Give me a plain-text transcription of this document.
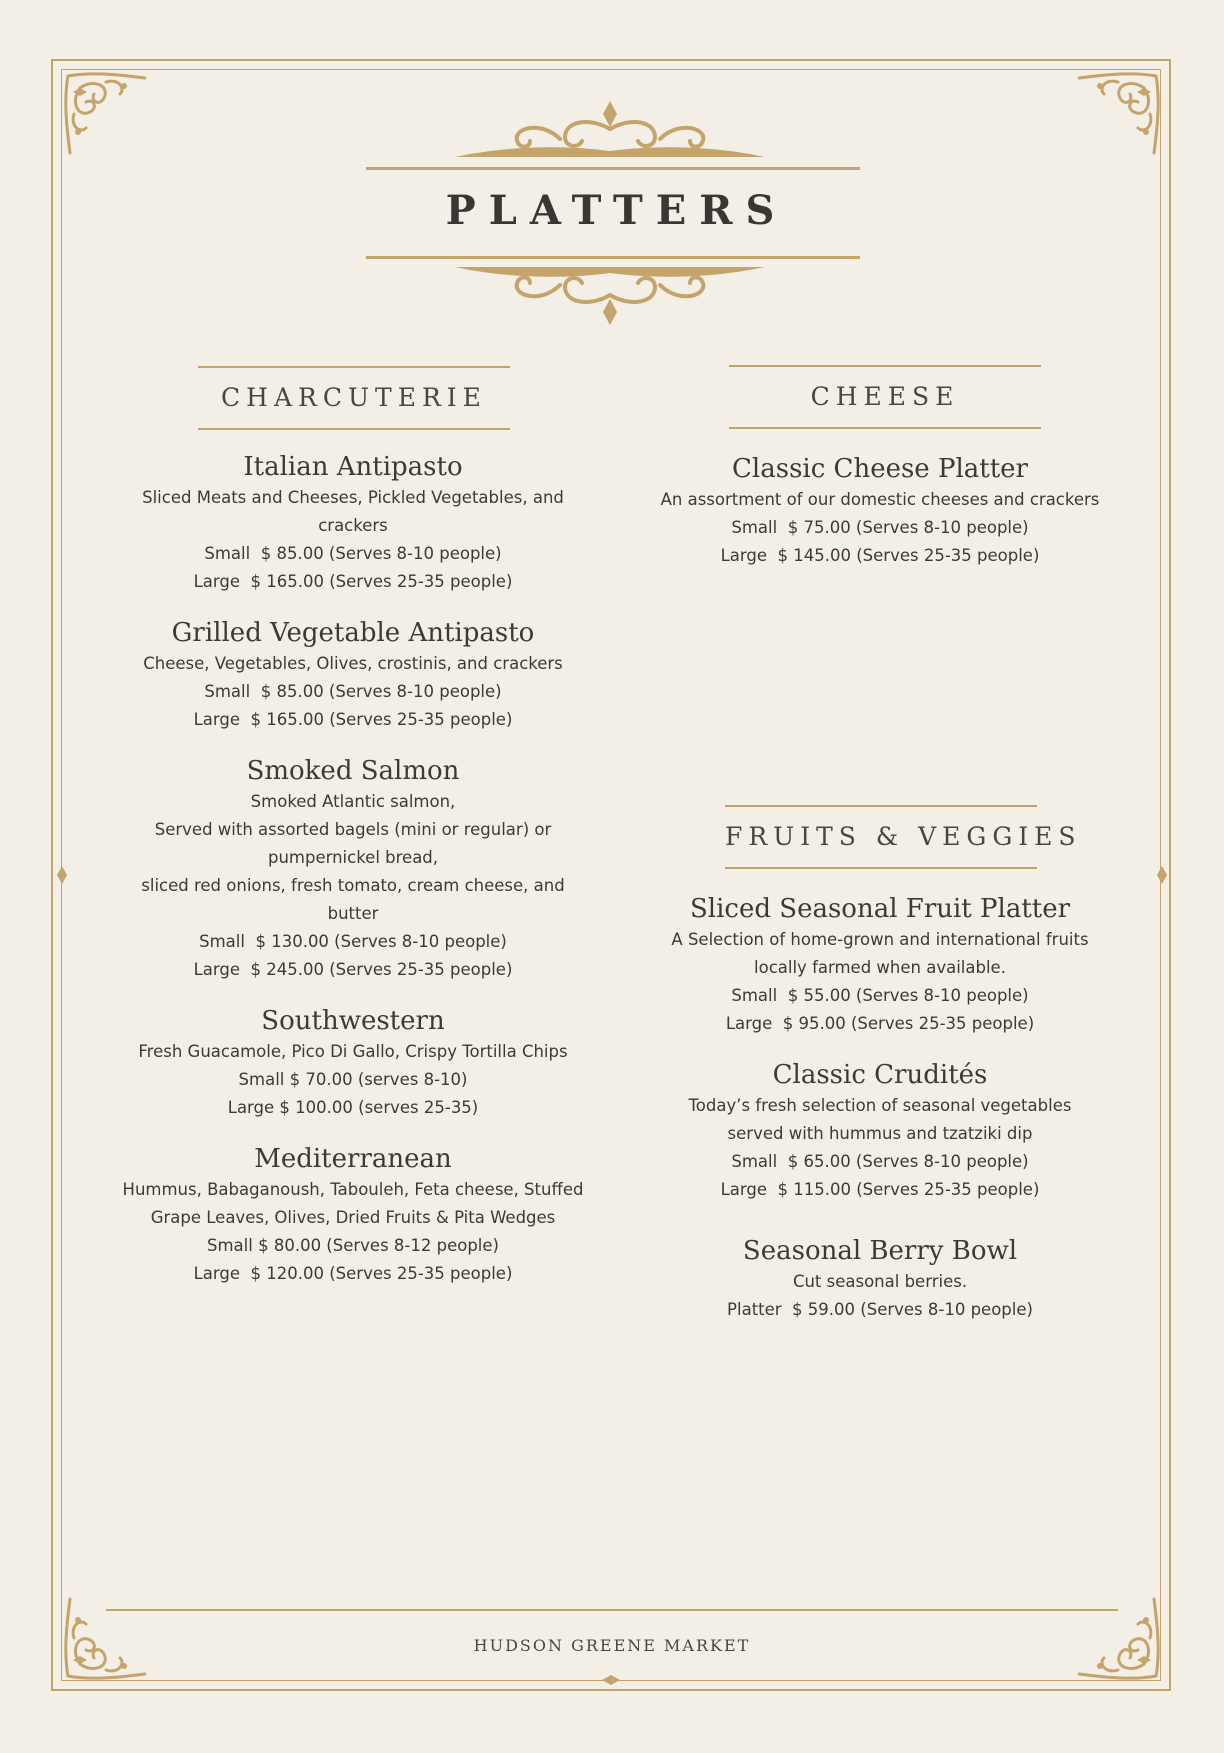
PLATTERS
CHARCUTERIE	CHEESE
FRUITS & VEGGIES
Italian Antipasto
Sliced Meats and Cheeses, Pickled Vegetables, and
crackers
Small  $ 85.00 (Serves 8-10 people)
Large  $ 165.00 (Serves 25-35 people)
Grilled Vegetable Antipasto
Cheese, Vegetables, Olives, crostinis, and crackers
Small  $ 85.00 (Serves 8-10 people)
Large  $ 165.00 (Serves 25-35 people)
Smoked Salmon
Smoked Atlantic salmon,
Served with assorted bagels (mini or regular) or
pumpernickel bread,
sliced red onions, fresh tomato, cream cheese, and
butter
Small  $ 130.00 (Serves 8-10 people)
Large  $ 245.00 (Serves 25-35 people)
Southwestern
Fresh Guacamole, Pico Di Gallo, Crispy Tortilla Chips
Small $ 70.00 (serves 8-10)
Large $ 100.00 (serves 25-35)
Mediterranean
Hummus, Babaganoush, Tabouleh, Feta cheese, Stuffed
Grape Leaves, Olives, Dried Fruits & Pita Wedges
Small $ 80.00 (Serves 8-12 people)
Large  $ 120.00 (Serves 25-35 people)
Classic Cheese Platter
An assortment of our domestic cheeses and crackers
Small  $ 75.00 (Serves 8-10 people)
Large  $ 145.00 (Serves 25-35 people)
Sliced Seasonal Fruit Platter
A Selection of home-grown and international fruits
locally farmed when available.
Small  $ 55.00 (Serves 8-10 people)
Large  $ 95.00 (Serves 25-35 people)
Classic Crudités
Today’s fresh selection of seasonal vegetables
served with hummus and tzatziki dip
Small  $ 65.00 (Serves 8-10 people)
Large  $ 115.00 (Serves 25-35 people)
Seasonal Berry Bowl
Cut seasonal berries.
Platter  $ 59.00 (Serves 8-10 people)
HUDSON GREENE MARKET
